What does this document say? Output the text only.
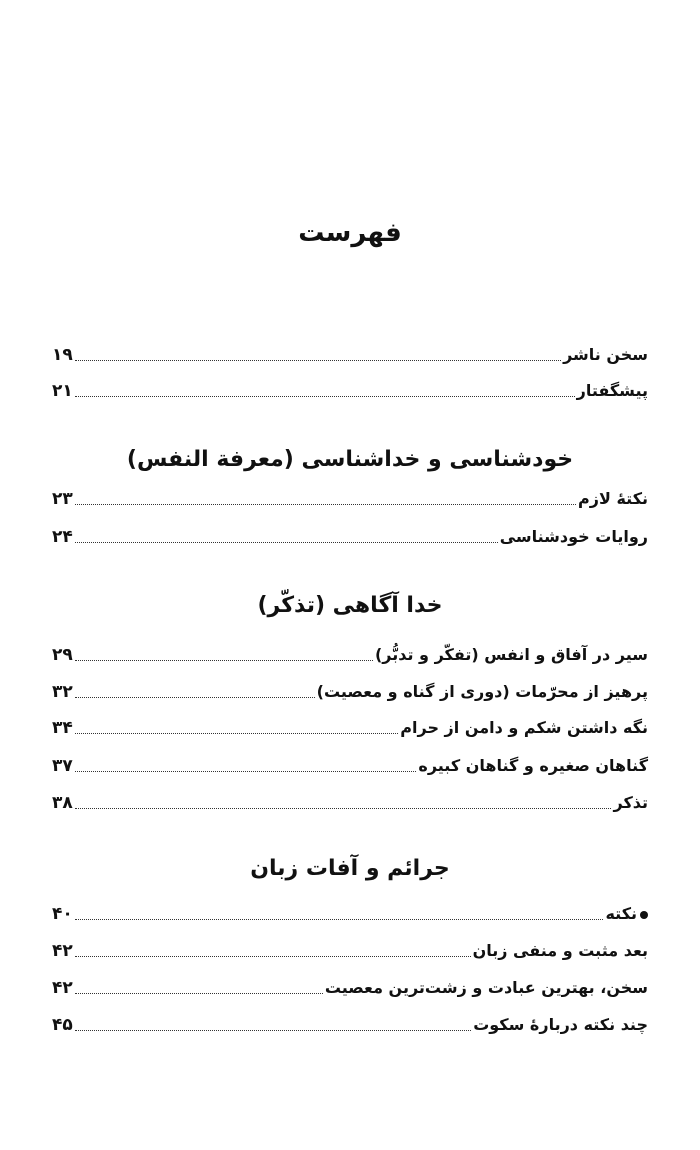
فهرست
سخن ناشر
۱۹
پیشگفتار
۲۱
خودشناسی و خداشناسی (معرفة النفس)
نکتۀ لازم
۲۳
روایات خودشناسی
۲۴
خدا آگاهی (تذکّر)
سیر در آفاق و انفس (تفکّر و تدبُّر)
۲۹
پرهیز از محرّمات (دوری از گناه و معصیت)
۳۲
نگه داشتن شکم و دامن از حرام
۳۴
گناهان صغیره و گناهان کبیره
۳۷
تذکر
۳۸
جرائم و آفات زبان
نکته
۴۰
بعد مثبت و منفی زبان
۴۲
سخن، بهترین عبادت و زشت‌ترین معصیت
۴۲
چند نکته دربارۀ سکوت
۴۵
